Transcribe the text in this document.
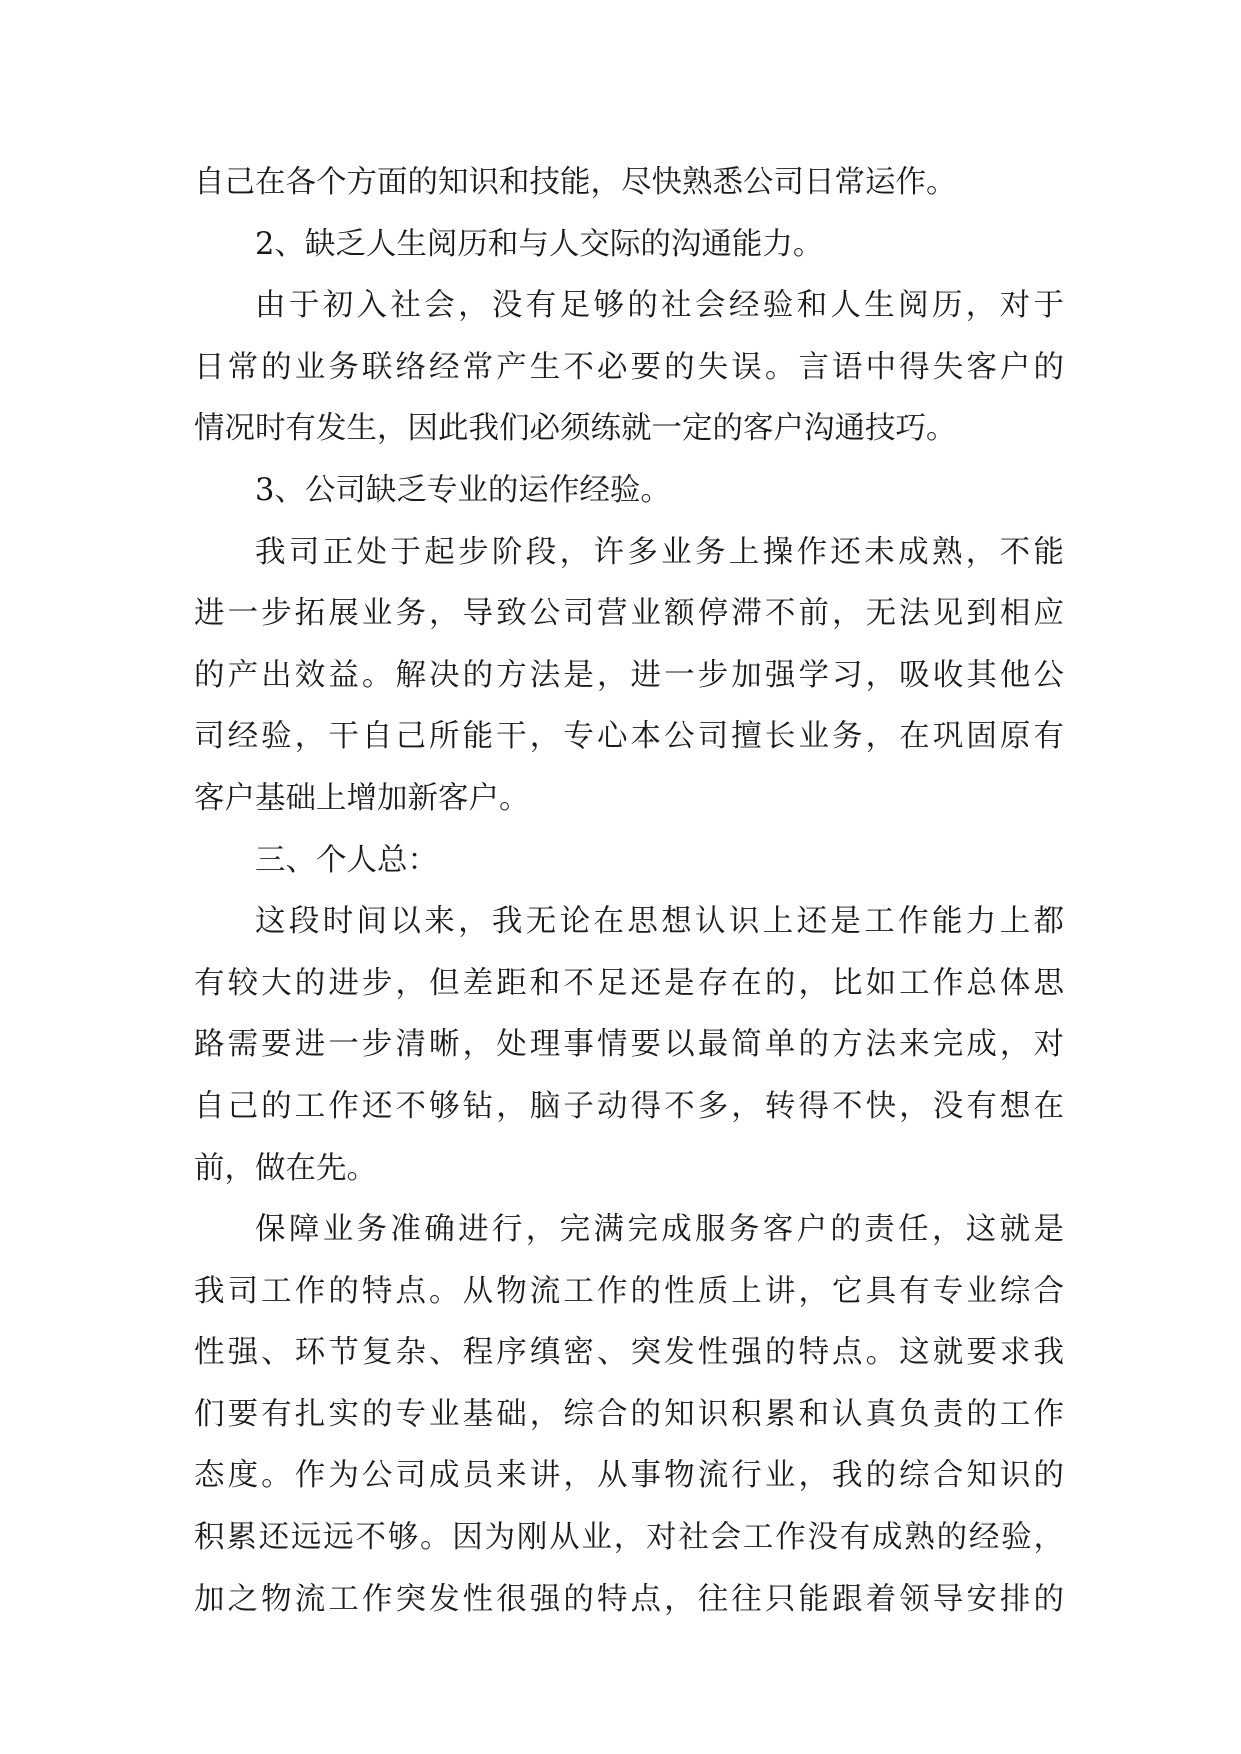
自己在各个方面的知识和技能，尽快熟悉公司日常运作。
2、缺乏人生阅历和与人交际的沟通能力。
由于初入社会，没有足够的社会经验和人生阅历，对于
日常的业务联络经常产生不必要的失误。言语中得失客户的
情况时有发生，因此我们必须练就一定的客户沟通技巧。
3、公司缺乏专业的运作经验。
我司正处于起步阶段，许多业务上操作还未成熟，不能
进一步拓展业务，导致公司营业额停滞不前，无法见到相应
的产出效益。解决的方法是，进一步加强学习，吸收其他公
司经验，干自己所能干，专心本公司擅长业务，在巩固原有
客户基础上增加新客户。
三、个人总：
这段时间以来，我无论在思想认识上还是工作能力上都
有较大的进步，但差距和不足还是存在的，比如工作总体思
路需要进一步清晰，处理事情要以最简单的方法来完成，对
自己的工作还不够钻，脑子动得不多，转得不快，没有想在
前，做在先。
保障业务准确进行，完满完成服务客户的责任，这就是
我司工作的特点。从物流工作的性质上讲，它具有专业综合
性强、环节复杂、程序缜密、突发性强的特点。这就要求我
们要有扎实的专业基础，综合的知识积累和认真负责的工作
态度。作为公司成员来讲，从事物流行业，我的综合知识的
积累还远远不够。因为刚从业，对社会工作没有成熟的经验，
加之物流工作突发性很强的特点，往往只能跟着领导安排的
